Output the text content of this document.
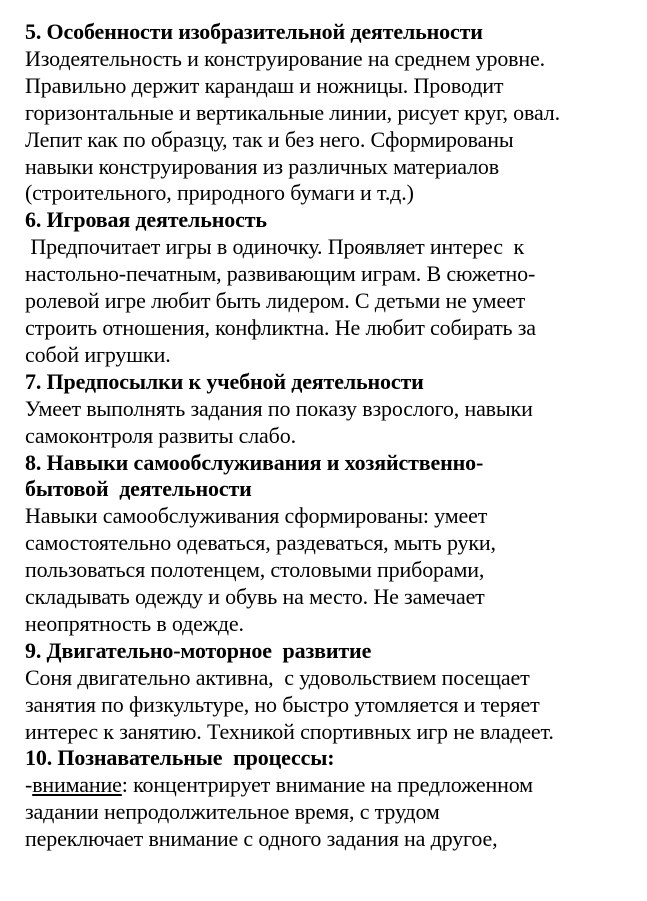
5. Особенности изобразительной деятельности
Изодеятельность и конструирование на среднем уровне.
Правильно держит карандаш и ножницы. Проводит
горизонтальные и вертикальные линии, рисует круг, овал.
Лепит как по образцу, так и без него. Сформированы
навыки конструирования из различных материалов
(строительного, природного бумаги и т.д.)
6. Игровая деятельность
Предпочитает игры в одиночку. Проявляет интерес  к
настольно-печатным, развивающим играм. В сюжетно-
ролевой игре любит быть лидером. С детьми не умеет
строить отношения, конфликтна. Не любит собирать за
собой игрушки.
7. Предпосылки к учебной деятельности
Умеет выполнять задания по показу взрослого, навыки
самоконтроля развиты слабо.
8. Навыки самообслуживания и хозяйственно-
бытовой  деятельности
Навыки самообслуживания сформированы: умеет
самостоятельно одеваться, раздеваться, мыть руки,
пользоваться полотенцем, столовыми приборами,
складывать одежду и обувь на место. Не замечает
неопрятность в одежде.
9. Двигательно-моторное  развитие
Соня двигательно активна,  с удовольствием посещает
занятия по физкультуре, но быстро утомляется и теряет
интерес к занятию. Техникой спортивных игр не владеет.
10. Познавательные  процессы:
-внимание: концентрирует внимание на предложенном
задании непродолжительное время, с трудом
переключает внимание с одного задания на другое,
